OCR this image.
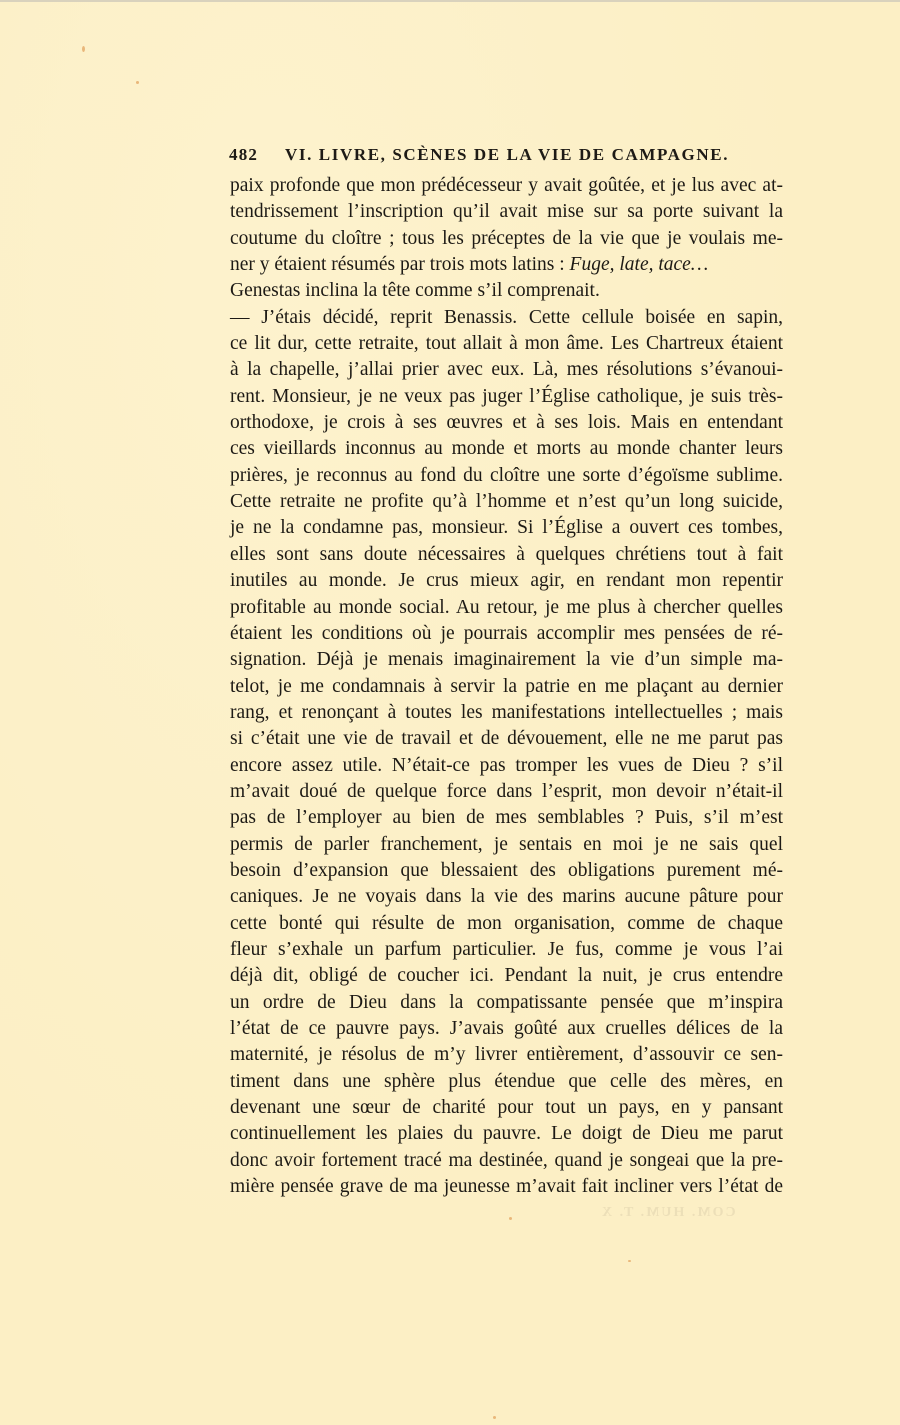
482 VI. LIVRE, SCÈNES DE LA VIE DE CAMPAGNE.
paix profonde que mon prédécesseur y avait goûtée, et je lus avec at-
tendrissement l’inscription qu’il avait mise sur sa porte suivant la
coutume du cloître ; tous les préceptes de la vie que je voulais me-
ner y étaient résumés par trois mots latins : Fuge, late, tace…
Genestas inclina la tête comme s’il comprenait.
— J’étais décidé, reprit Benassis. Cette cellule boisée en sapin,
ce lit dur, cette retraite, tout allait à mon âme. Les Chartreux étaient
à la chapelle, j’allai prier avec eux. Là, mes résolutions s’évanoui-
rent. Monsieur, je ne veux pas juger l’Église catholique, je suis très-
orthodoxe, je crois à ses œuvres et à ses lois. Mais en entendant
ces vieillards inconnus au monde et morts au monde chanter leurs
prières, je reconnus au fond du cloître une sorte d’égoïsme sublime.
Cette retraite ne profite qu’à l’homme et n’est qu’un long suicide,
je ne la condamne pas, monsieur. Si l’Église a ouvert ces tombes,
elles sont sans doute nécessaires à quelques chrétiens tout à fait
inutiles au monde. Je crus mieux agir, en rendant mon repentir
profitable au monde social. Au retour, je me plus à chercher quelles
étaient les conditions où je pourrais accomplir mes pensées de ré-
signation. Déjà je menais imaginairement la vie d’un simple ma-
telot, je me condamnais à servir la patrie en me plaçant au dernier
rang, et renonçant à toutes les manifestations intellectuelles ; mais
si c’était une vie de travail et de dévouement, elle ne me parut pas
encore assez utile. N’était-ce pas tromper les vues de Dieu ? s’il
m’avait doué de quelque force dans l’esprit, mon devoir n’était-il
pas de l’employer au bien de mes semblables ? Puis, s’il m’est
permis de parler franchement, je sentais en moi je ne sais quel
besoin d’expansion que blessaient des obligations purement mé-
caniques. Je ne voyais dans la vie des marins aucune pâture pour
cette bonté qui résulte de mon organisation, comme de chaque
fleur s’exhale un parfum particulier. Je fus, comme je vous l’ai
déjà dit, obligé de coucher ici. Pendant la nuit, je crus entendre
un ordre de Dieu dans la compatissante pensée que m’inspira
l’état de ce pauvre pays. J’avais goûté aux cruelles délices de la
maternité, je résolus de m’y livrer entièrement, d’assouvir ce sen-
timent dans une sphère plus étendue que celle des mères, en
devenant une sœur de charité pour tout un pays, en y pansant
continuellement les plaies du pauvre. Le doigt de Dieu me parut
donc avoir fortement tracé ma destinée, quand je songeai que la pre-
mière pensée grave de ma jeunesse m’avait fait incliner vers l’état de
COM. HUM. T. X
